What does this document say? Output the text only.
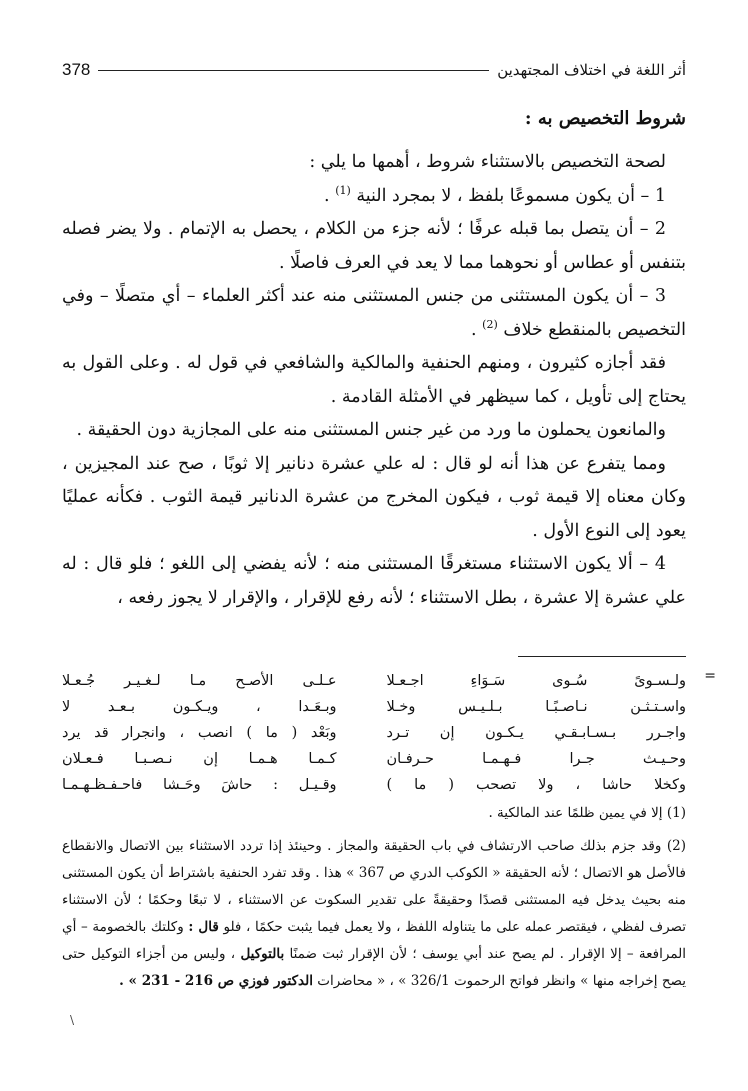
أثر اللغة في اختلاف المجتهدين
378
شروط التخصيص به :

لصحة التخصيص بالاستثناء شروط ، أهمها ما يلي :

1 – أن يكون مسموعًا بلفظ ، لا بمجرد النية $^{(1)}$ .

2 – أن يتصل بما قبله عرفًا ؛ لأنه جزء من الكلام ، يحصل به الإتمام . ولا يضر فصله بتنفس أو عطاس أو نحوهما مما لا يعد في العرف فاصلًا .

3 – أن يكون المستثنى من جنس المستثنى منه عند أكثر العلماء – أي متصلًا – وفي التخصيص بالمنقطع خلاف $^{(2)}$ .

فقد أجازه كثيرون ، ومنهم الحنفية والمالكية والشافعي في قول له . وعلى القول به يحتاج إلى تأويل ، كما سيظهر في الأمثلة القادمة .

والمانعون يحملون ما ورد من غير جنس المستثنى منه على المجازية دون الحقيقة .

ومما يتفرع عن هذا أنه لو قال : له علي عشرة دنانير إلا ثوبًا ، صح عند المجيزين ، وكان معناه إلا قيمة ثوب ، فيكون المخرج من عشرة الدنانير قيمة الثوب . فكأنه عمليًا يعود إلى النوع الأول .

4 – ألا يكون الاستثناء مستغرقًا المستثنى منه ؛ لأنه يفضي إلى اللغو ؛ فلو قال : له علي عشرة إلا عشرة ، بطل الاستثناء ؛ لأنه رفع للإقرار ، والإقرار لا يجوز رفعه ،

=
ولـسـوىً سُـوى سَـوَاءِ اجـعـلا
عـلـى الأصـح مـا لـغـيـر جُـعـلا
واسـتـثـن نـاصـبًـا بـلـيـس وخـلا
وبـعَـدا ، ويـكـون بـعـد لا
واجـرر بـسـابـقـي يـكـون إن تـرد
وبَعْد ( ما ) انصب ، وانجرار قد يرد
وحـيـث جـرا فـهـمـا حـرفـان
كـمـا هـمـا إن نـصـبـا فـعـلان
وكخلا حاشا ، ولا تصحب ( ما )
وقـيـل : حاشَ وحَـشا فاحـفـظـهـمـا

(1) إلا في يمين ظلمًا عند المالكية .

(2) وقد جزم بذلك صاحب الارتشاف في باب الحقيقة والمجاز . وحينئذ إذا تردد الاستثناء بين الاتصال والانقطاع فالأصل هو الاتصال ؛ لأنه الحقيقة « الكوكب الدري ص 367 » هذا . وقد تفرد الحنفية باشتراط أن يكون المستثنى منه بحيث يدخل فيه المستثنى قصدًا وحقيقةً على تقدير السكوت عن الاستثناء ، لا تبعًا وحكمًا ؛ لأن الاستثناء تصرف لفظي ، فيقتصر عمله على ما يتناوله اللفظ ، ولا يعمل فيما يثبت حكمًا ، فلو قال : وكلتك بالخصومة – أي المرافعة – إلا الإقرار . لم يصح عند أبي يوسف ؛ لأن الإقرار ثبت ضمنًا بالتوكيل ، وليس من أجزاء التوكيل حتى يصح إخراجه منها » وانظر فواتح الرحموت 326/1 » ، « محاضرات الدكتور فوزي ص 216 - 231 » .

\
